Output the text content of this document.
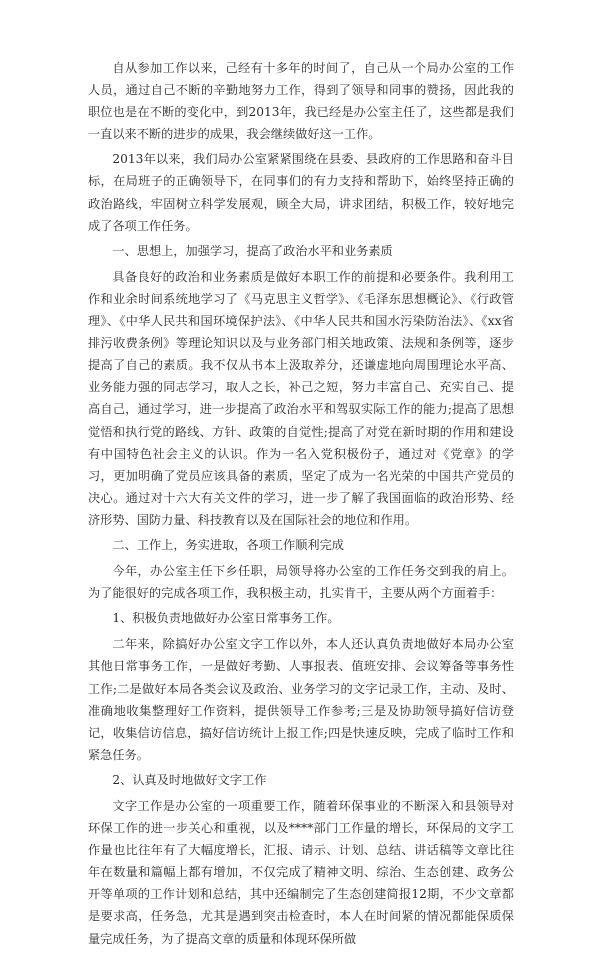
自从参加工作以来，己经有十多年的时间了，自己从一个局办公室的工作人员，通过自己不断的辛勤地努力工作，得到了领导和同事的赞扬，因此我的职位也是在不断的变化中，到2013年，我已经是办公室主任了，这些都是我们一直以来不断的进步的成果，我会继续做好这一工作。

2013年以来，我们局办公室紧紧围绕在县委、县政府的工作思路和奋斗目标，在局班子的正确领导下，在同事们的有力支持和帮助下，始终坚持正确的政治路线，牢固树立科学发展观，顾全大局，讲求团结，积极工作，较好地完成了各项工作任务。

一、思想上，加强学习，提高了政治水平和业务素质

具备良好的政治和业务素质是做好本职工作的前提和必要条件。我利用工作和业余时间系统地学习了《马克思主义哲学》、《毛泽东思想概论》、《行政管理》、《中华人民共和国环境保护法》、《中华人民共和国水污染防治法》、《xx省排污收费条例》等理论知识以及与业务部门相关地政策、法规和条例等，逐步提高了自己的素质。我不仅从书本上汲取养分，还谦虚地向周围理论水平高、业务能力强的同志学习，取人之长，补己之短，努力丰富自己、充实自己、提高自己，通过学习，进一步提高了政治水平和驾驭实际工作的能力;提高了思想觉悟和执行党的路线、方针、政策的自觉性;提高了对党在新时期的作用和建设有中国特色社会主义的认识。作为一名入党积极份子，通过对《党章》的学习，更加明确了党员应该具备的素质，坚定了成为一名光荣的中国共产党员的决心。通过对十六大有关文件的学习，进一步了解了我国面临的政治形势、经济形势、国防力量、科技教育以及在国际社会的地位和作用。

二、工作上，务实进取，各项工作顺利完成

今年，办公室主任下乡任职，局领导将办公室的工作任务交到我的肩上。为了能很好的完成各项工作，我积极主动，扎实肯干，主要从两个方面着手：

1、积极负责地做好办公室日常事务工作。

二年来，除搞好办公室文字工作以外，本人还认真负责地做好本局办公室其他日常事务工作，一是做好考勤、人事报表、值班安排、会议筹备等事务性工作;二是做好本局各类会议及政治、业务学习的文字记录工作，主动、及时、准确地收集整理好工作资料，提供领导工作参考;三是及协助领导搞好信访登记，收集信访信息，搞好信访统计上报工作;四是快速反映，完成了临时工作和紧急任务。

2、认真及时地做好文字工作

文字工作是办公室的一项重要工作，随着环保事业的不断深入和县领导对环保工作的进一步关心和重视，以及****部门工作量的增长，环保局的文字工作量也比往年有了大幅度增长，汇报、请示、计划、总结、讲话稿等文章比往年在数量和篇幅上都有增加，不仅完成了精神文明、综治、生态创建、政务公开等单项的工作计划和总结，其中还编制完了生态创建简报12期，不少文章都是要求高，任务急，尤其是遇到突击检查时，本人在时间紧的情况都能保质保量完成任务，为了提高文章的质量和体现环保所做
